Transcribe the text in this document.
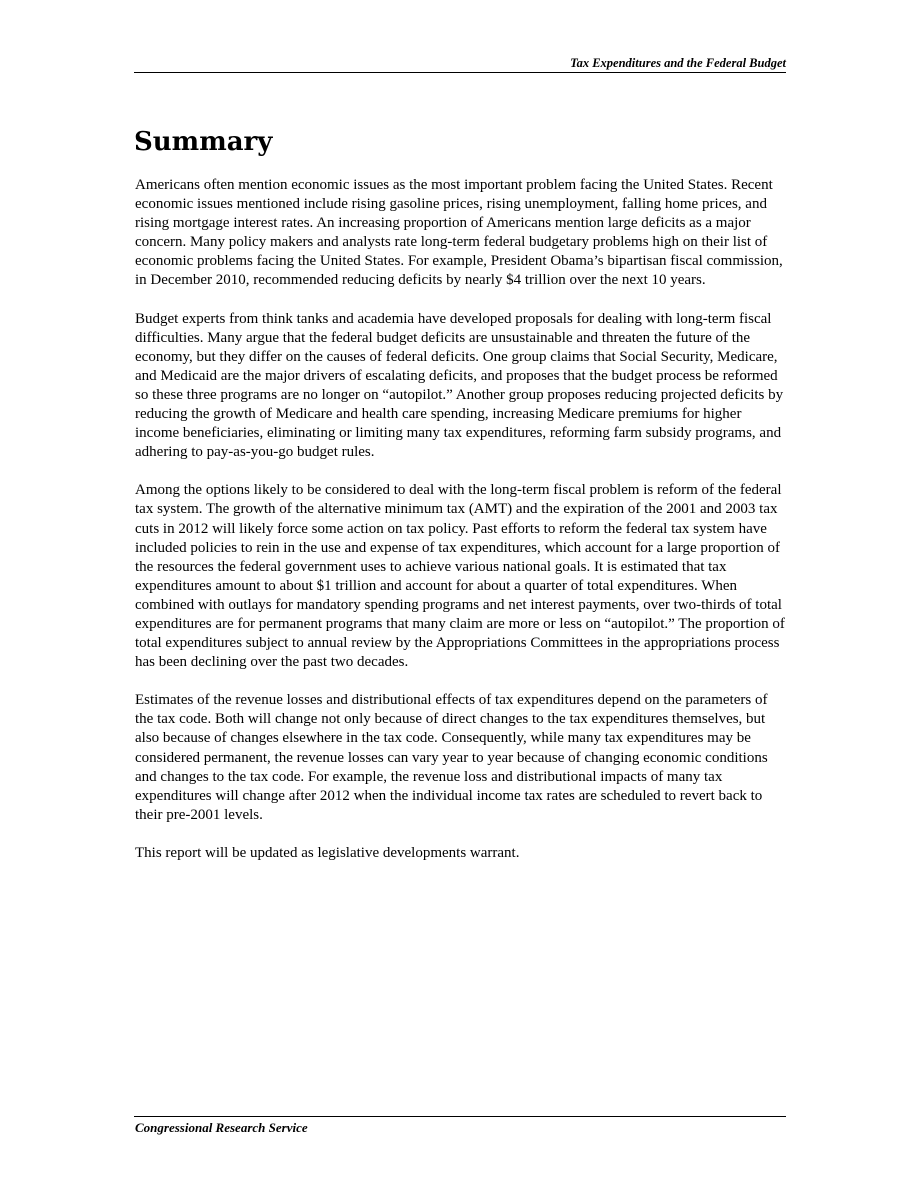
Tax Expenditures and the Federal Budget
Summary

Americans often mention economic issues as the most important problem facing the United States. Recent economic issues mentioned include rising gasoline prices, rising unemployment, falling home prices, and rising mortgage interest rates. An increasing proportion of Americans mention large deficits as a major concern. Many policy makers and analysts rate long-term federal budgetary problems high on their list of economic problems facing the United States. For example, President Obama’s bipartisan fiscal commission, in December 2010, recommended reducing deficits by nearly $4 trillion over the next 10 years.

Budget experts from think tanks and academia have developed proposals for dealing with long-term fiscal difficulties. Many argue that the federal budget deficits are unsustainable and threaten the future of the economy, but they differ on the causes of federal deficits. One group claims that Social Security, Medicare, and Medicaid are the major drivers of escalating deficits, and proposes that the budget process be reformed so these three programs are no longer on “autopilot.” Another group proposes reducing projected deficits by reducing the growth of Medicare and health care spending, increasing Medicare premiums for higher income beneficiaries, eliminating or limiting many tax expenditures, reforming farm subsidy programs, and adhering to pay-as-you-go budget rules.

Among the options likely to be considered to deal with the long-term fiscal problem is reform of the federal tax system. The growth of the alternative minimum tax (AMT) and the expiration of the 2001 and 2003 tax cuts in 2012 will likely force some action on tax policy. Past efforts to reform the federal tax system have included policies to rein in the use and expense of tax expenditures, which account for a large proportion of the resources the federal government uses to achieve various national goals. It is estimated that tax expenditures amount to about $1 trillion and account for about a quarter of total expenditures. When combined with outlays for mandatory spending programs and net interest payments, over two-thirds of total expenditures are for permanent programs that many claim are more or less on “autopilot.” The proportion of total expenditures subject to annual review by the Appropriations Committees in the appropriations process has been declining over the past two decades.

Estimates of the revenue losses and distributional effects of tax expenditures depend on the parameters of the tax code. Both will change not only because of direct changes to the tax expenditures themselves, but also because of changes elsewhere in the tax code. Consequently, while many tax expenditures may be considered permanent, the revenue losses can vary year to year because of changing economic conditions and changes to the tax code. For example, the revenue loss and distributional impacts of many tax expenditures will change after 2012 when the individual income tax rates are scheduled to revert back to their pre-2001 levels.

This report will be updated as legislative developments warrant.

Congressional Research Service
